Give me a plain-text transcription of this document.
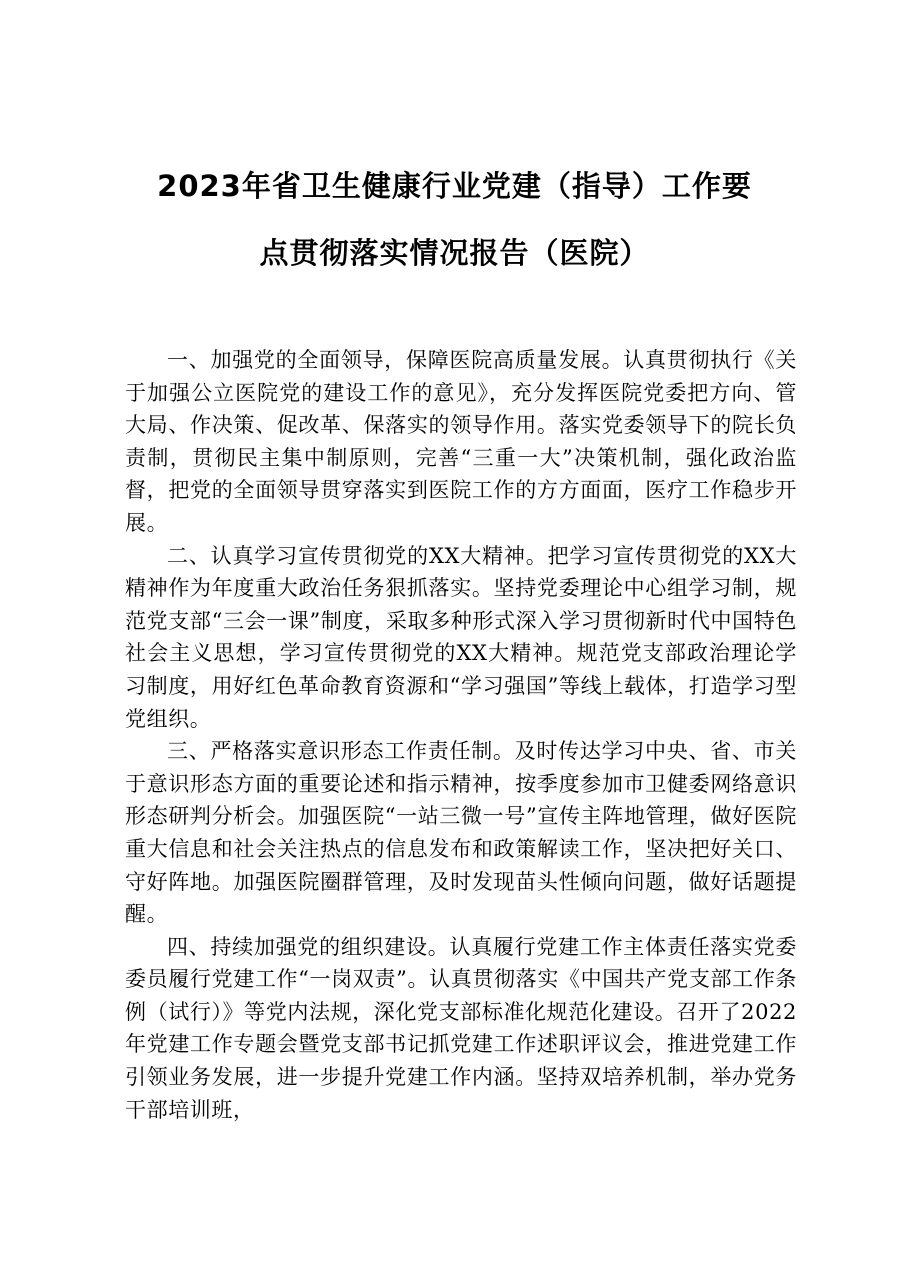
2023年省卫生健康行业党建（指导）工作要
点贯彻落实情况报告（医院）

一、加强党的全面领导，保障医院高质量发展。认真贯彻执行《关于加强公立医院党的建设工作的意见》，充分发挥医院党委把方向、管大局、作决策、促改革、保落实的领导作用。落实党委领导下的院长负责制，贯彻民主集中制原则，完善“三重一大”决策机制，强化政治监督，把党的全面领导贯穿落实到医院工作的方方面面，医疗工作稳步开展。

二、认真学习宣传贯彻党的XX大精神。把学习宣传贯彻党的XX大精神作为年度重大政治任务狠抓落实。坚持党委理论中心组学习制，规范党支部“三会一课”制度，采取多种形式深入学习贯彻新时代中国特色社会主义思想，学习宣传贯彻党的XX大精神。规范党支部政治理论学习制度，用好红色革命教育资源和“学习强国”等线上载体，打造学习型党组织。

三、严格落实意识形态工作责任制。及时传达学习中央、省、市关于意识形态方面的重要论述和指示精神，按季度参加市卫健委网络意识形态研判分析会。加强医院“一站三微一号”宣传主阵地管理，做好医院重大信息和社会关注热点的信息发布和政策解读工作，坚决把好关口、守好阵地。加强医院圈群管理，及时发现苗头性倾向问题，做好话题提醒。

四、持续加强党的组织建设。认真履行党建工作主体责任落实党委委员履行党建工作“一岗双责”。认真贯彻落实《中国共产党支部工作条例（试行）》等党内法规，深化党支部标准化规范化建设。召开了2022年党建工作专题会暨党支部书记抓党建工作述职评议会，推进党建工作引领业务发展，进一步提升党建工作内涵。坚持双培养机制，举办党务干部培训班，
